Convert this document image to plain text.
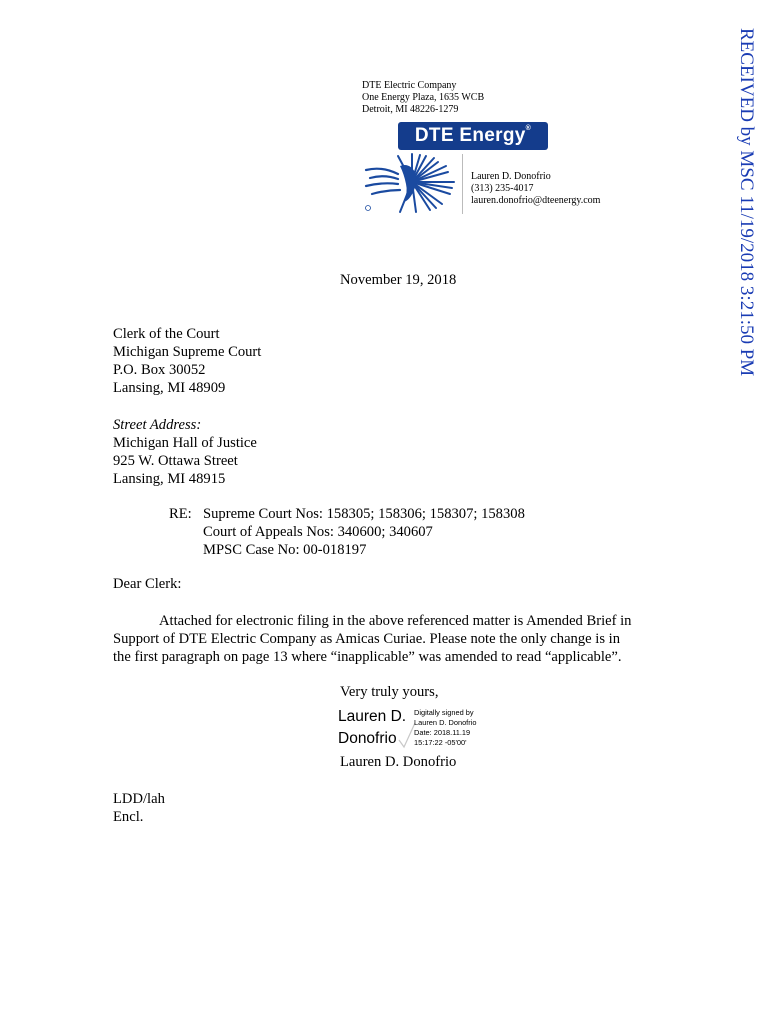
DTE Electric Company
One Energy Plaza, 1635 WCB
Detroit, MI 48226-1279
DTE Energy®
Lauren D. Donofrio
(313) 235-4017
lauren.donofrio@dteenergy.com	RECEIVED by MSC 11/19/2018 3:21:50 PM
November 19, 2018
Clerk of the Court
Michigan Supreme Court
P.O. Box 30052
Lansing, MI 48909
Street Address:
Michigan Hall of Justice
925 W. Ottawa Street
Lansing, MI 48915
RE: Supreme Court Nos: 158305; 158306; 158307; 158308
Court of Appeals Nos: 340600; 340607
MPSC Case No: 00-018197
Dear Clerk:

Attached for electronic filing in the above referenced matter is Amended Brief in

Support of DTE Electric Company as Amicas Curiae. Please note the only change is in

the first paragraph on page 13 where “inapplicable” was amended to read “applicable”.

Very truly yours,
Lauren D.
Donofrio
Digitally signed by
Lauren D. Donofrio
Date: 2018.11.19
15:17:22 -05'00'
Lauren D. Donofrio
LDD/lah
Encl.
